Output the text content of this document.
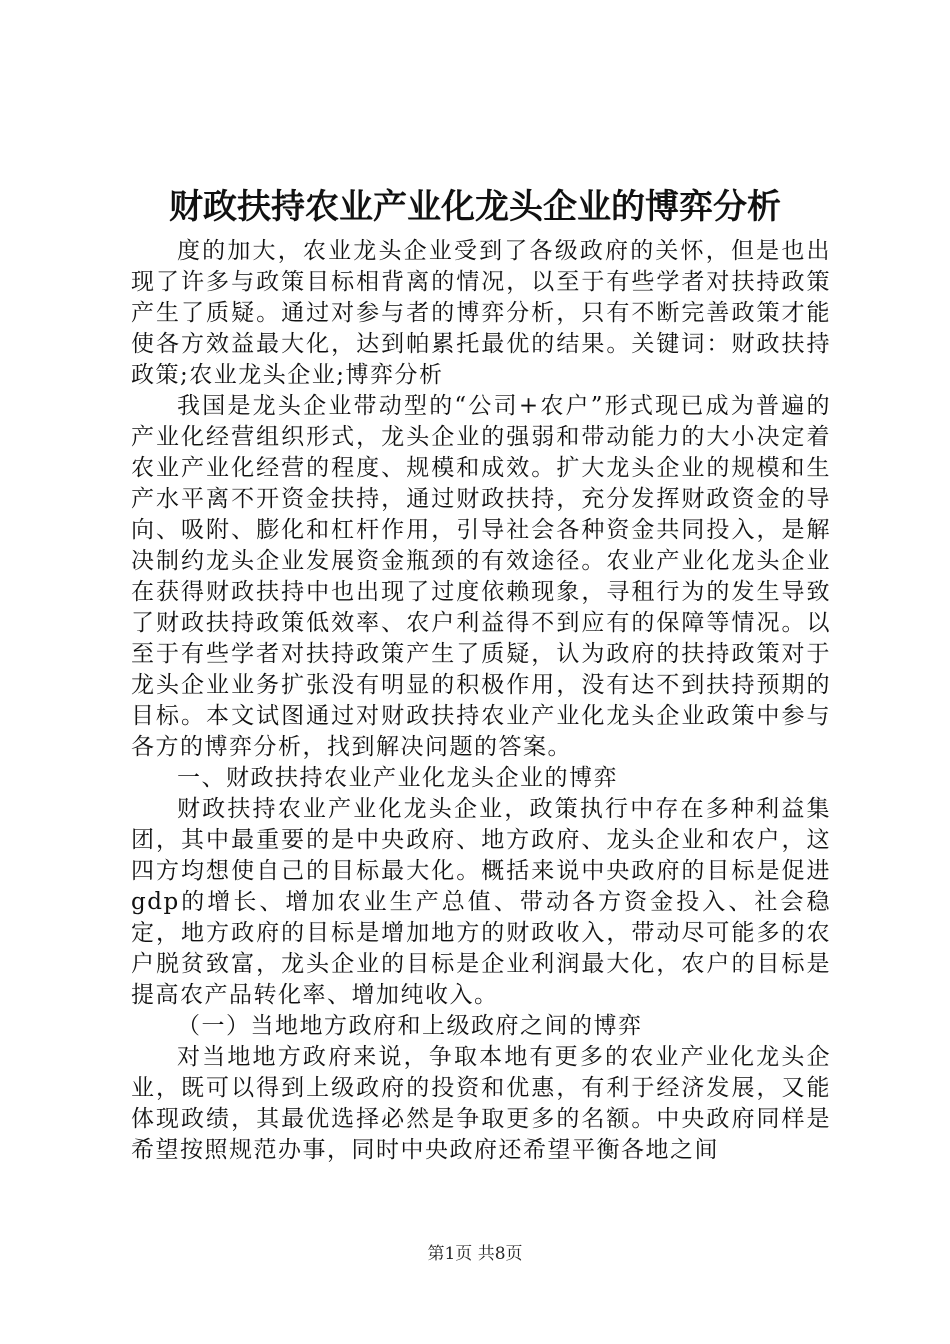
财政扶持农业产业化龙头企业的博弈分析

度的加大，农业龙头企业受到了各级政府的关怀，但是也出现了许多与政策目标相背离的情况，以至于有些学者对扶持政策产生了质疑。通过对参与者的博弈分析，只有不断完善政策才能使各方效益最大化，达到帕累托最优的结果。关键词：财政扶持政策;农业龙头企业;博弈分析

我国是龙头企业带动型的“公司+农户”形式现已成为普遍的产业化经营组织形式，龙头企业的强弱和带动能力的大小决定着农业产业化经营的程度、规模和成效。扩大龙头企业的规模和生产水平离不开资金扶持，通过财政扶持，充分发挥财政资金的导向、吸附、膨化和杠杆作用，引导社会各种资金共同投入，是解决制约龙头企业发展资金瓶颈的有效途径。农业产业化龙头企业在获得财政扶持中也出现了过度依赖现象，寻租行为的发生导致了财政扶持政策低效率、农户利益得不到应有的保障等情况。以至于有些学者对扶持政策产生了质疑，认为政府的扶持政策对于龙头企业业务扩张没有明显的积极作用，没有达不到扶持预期的目标。本文试图通过对财政扶持农业产业化龙头企业政策中参与各方的博弈分析，找到解决问题的答案。

一、财政扶持农业产业化龙头企业的博弈

财政扶持农业产业化龙头企业，政策执行中存在多种利益集团，其中最重要的是中央政府、地方政府、龙头企业和农户，这四方均想使自己的目标最大化。概括来说中央政府的目标是促进gdp的增长、增加农业生产总值、带动各方资金投入、社会稳定，地方政府的目标是增加地方的财政收入，带动尽可能多的农户脱贫致富，龙头企业的目标是企业利润最大化，农户的目标是提高农产品转化率、增加纯收入。

（一）当地地方政府和上级政府之间的博弈

对当地地方政府来说，争取本地有更多的农业产业化龙头企业，既可以得到上级政府的投资和优惠，有利于经济发展，又能体现政绩，其最优选择必然是争取更多的名额。中央政府同样是希望按照规范办事，同时中央政府还希望平衡各地之间

第1页 共8页
